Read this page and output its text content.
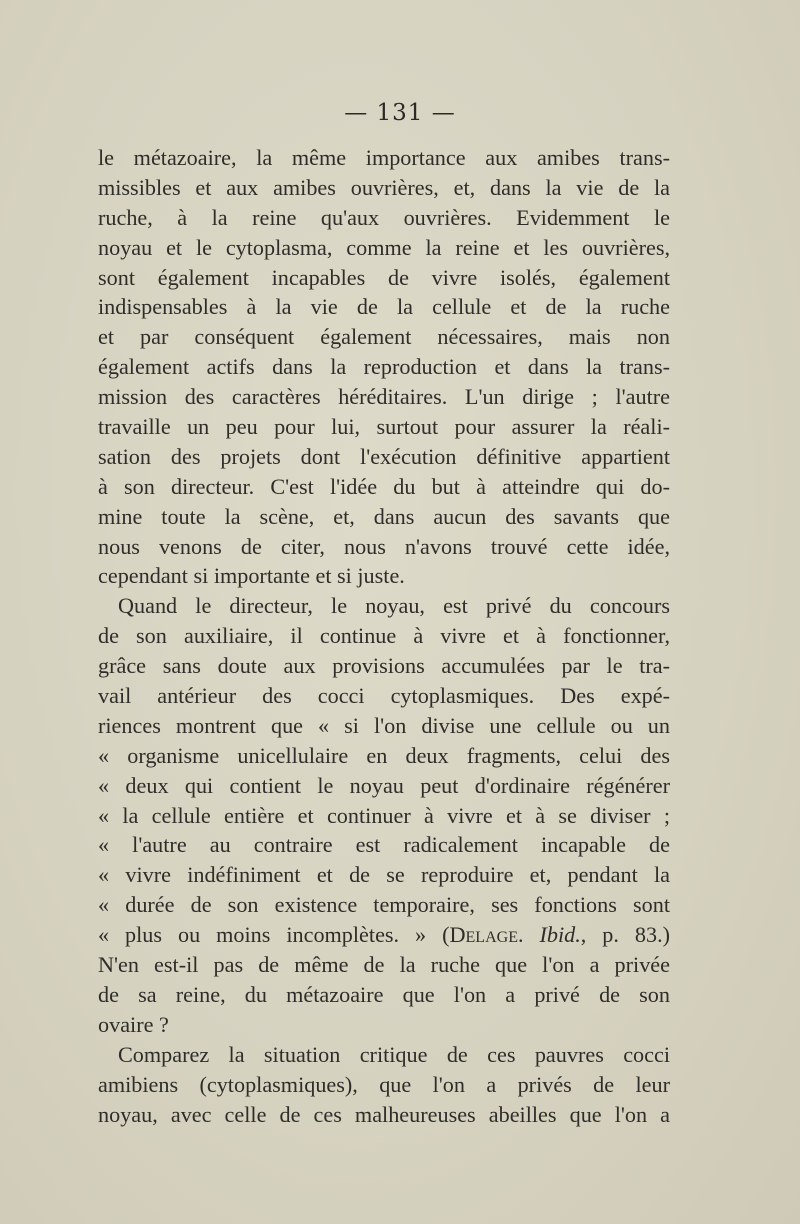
— 131 —
le métazoaire, la même importance aux amibes trans-
missibles et aux amibes ouvrières, et, dans la vie de la
ruche, à la reine qu'aux ouvrières. Evidemment le
noyau et le cytoplasma, comme la reine et les ouvrières,
sont également incapables de vivre isolés, également
indispensables à la vie de la cellule et de la ruche
et par conséquent également nécessaires, mais non
également actifs dans la reproduction et dans la trans-
mission des caractères héréditaires. L'un dirige ; l'autre
travaille un peu pour lui, surtout pour assurer la réali-
sation des projets dont l'exécution définitive appartient
à son directeur. C'est l'idée du but à atteindre qui do-
mine toute la scène, et, dans aucun des savants que
nous venons de citer, nous n'avons trouvé cette idée,
cependant si importante et si juste.
Quand le directeur, le noyau, est privé du concours
de son auxiliaire, il continue à vivre et à fonctionner,
grâce sans doute aux provisions accumulées par le tra-
vail antérieur des cocci cytoplasmiques. Des expé-
riences montrent que « si l'on divise une cellule ou un
« organisme unicellulaire en deux fragments, celui des
« deux qui contient le noyau peut d'ordinaire régénérer
« la cellule entière et continuer à vivre et à se diviser ;
« l'autre au contraire est radicalement incapable de
« vivre indéfiniment et de se reproduire et, pendant la
« durée de son existence temporaire, ses fonctions sont
« plus ou moins incomplètes. » (Delage. Ibid., p. 83.)
N'en est-il pas de même de la ruche que l'on a privée
de sa reine, du métazoaire que l'on a privé de son
ovaire ?
Comparez la situation critique de ces pauvres cocci
amibiens (cytoplasmiques), que l'on a privés de leur
noyau, avec celle de ces malheureuses abeilles que l'on a
